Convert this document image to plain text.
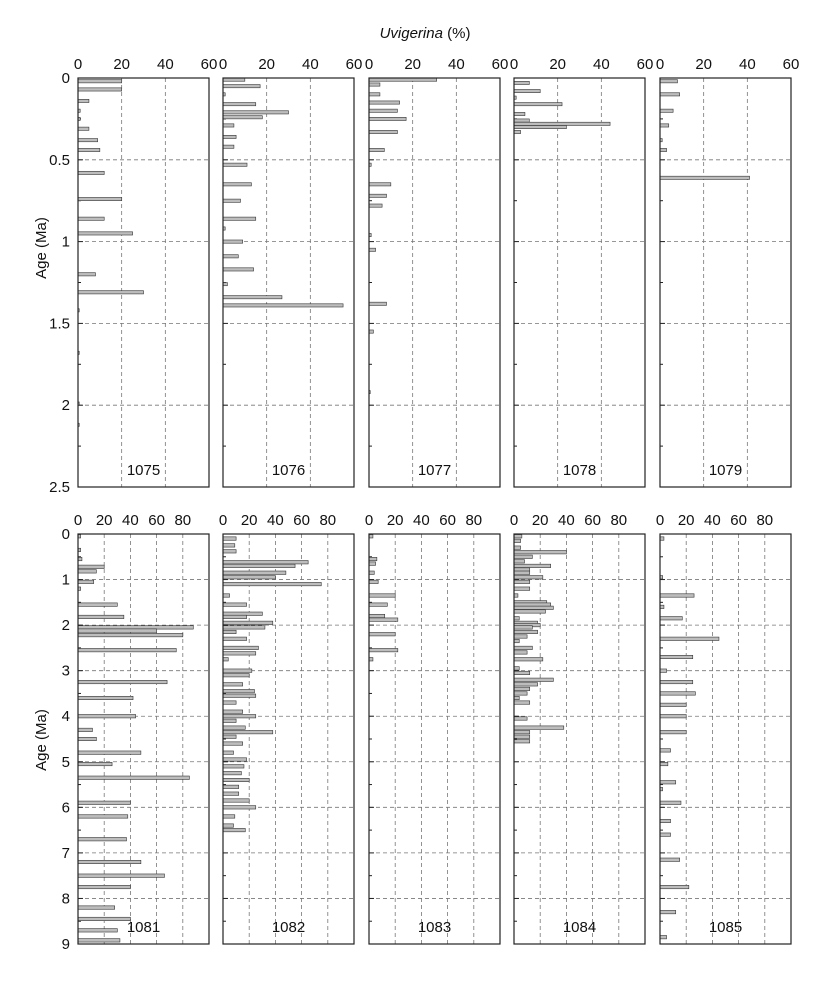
Uvigerina (%)
Age (Ma)
Age (Ma)
0 20 40 60
0
0.5
1
1.5
2
2.5
1075
0 20 40 60
1076
0 20 40 60
1077
0 20 40 60
1078
0 20 40 60
1079
0 20 40 60 80
0
1
2
3
4
5
6
7
8
9
1081
0 20 40 60 80
1082
0 20 40 60 80
1083
0 20 40 60 80
1084
0 20 40 60 80
1085
